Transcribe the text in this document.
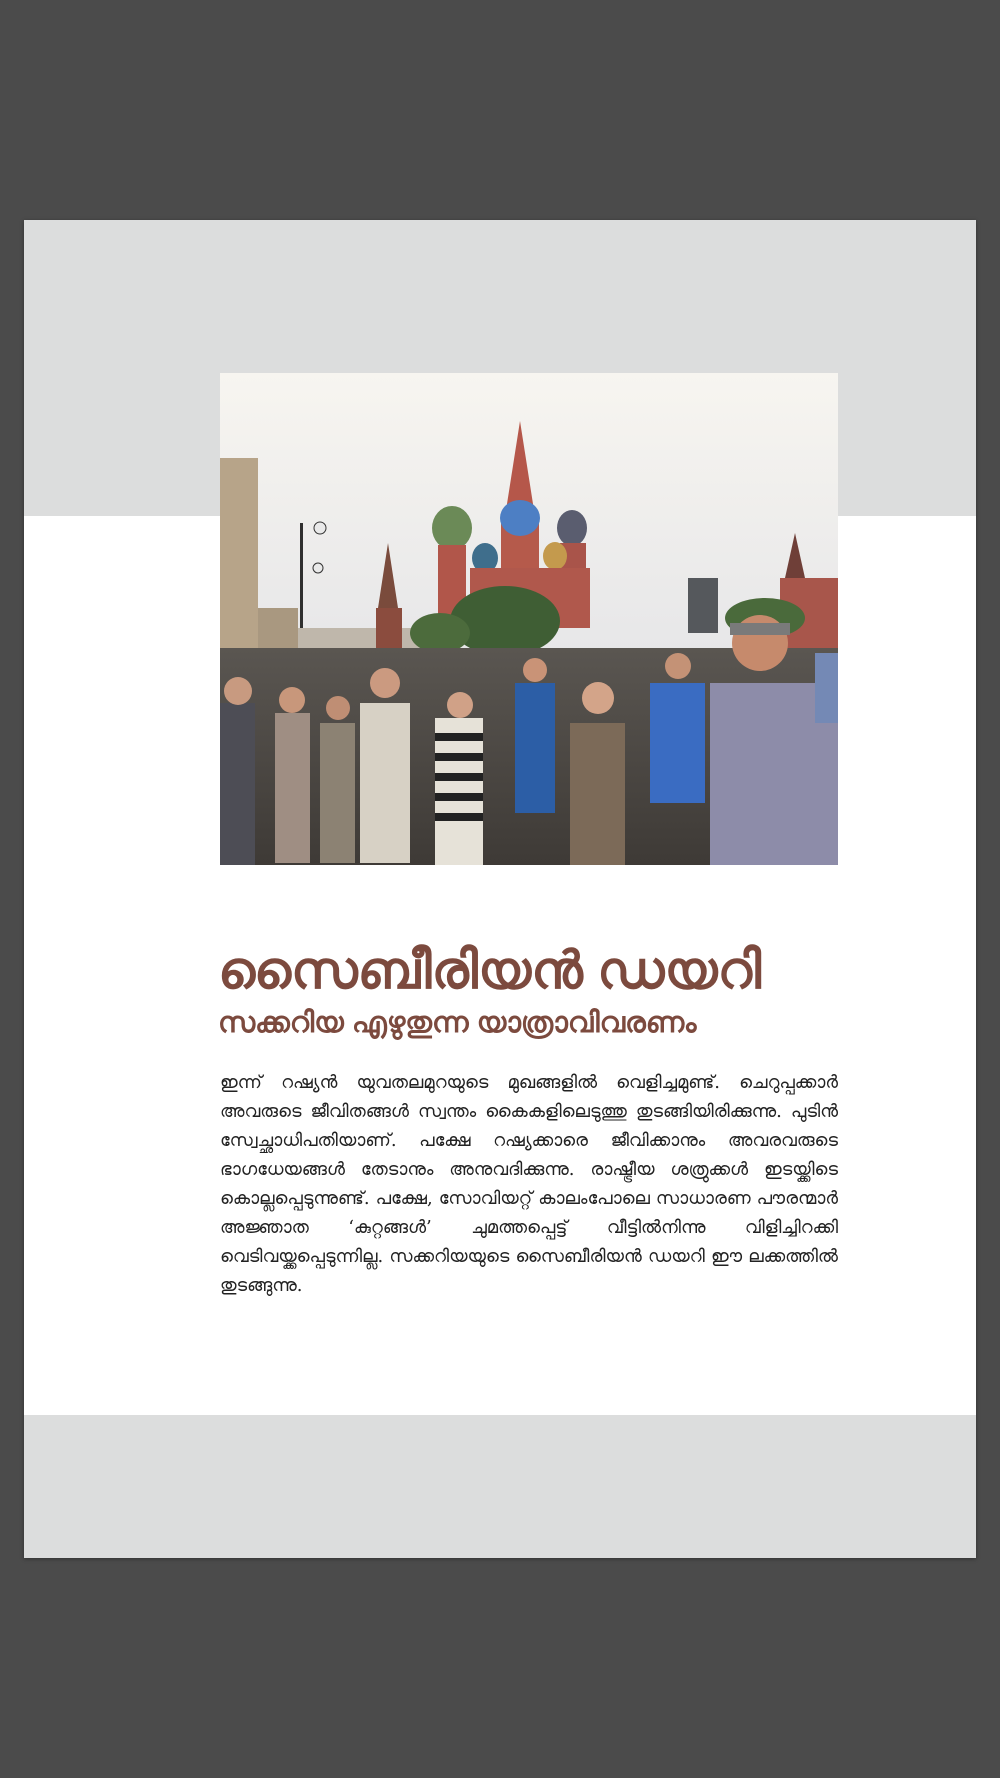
സൈബീരിയൻ ഡയറി
സക്കറിയ എഴുതുന്ന യാത്രാവിവരണം

ഇന്ന് റഷ്യൻ യുവതലമുറയുടെ മുഖങ്ങളിൽ വെളിച്ചമുണ്ട്. ചെറുപ്പക്കാർ അവരുടെ ജീവിതങ്ങൾ സ്വന്തം കൈകളിലെടുത്തു തുടങ്ങിയിരിക്കുന്നു. പുടിൻ സ്വേച്ഛാധിപതിയാണ്. പക്ഷേ റഷ്യക്കാരെ ജീവിക്കാനും അവരവരുടെ ഭാഗധേയങ്ങൾ തേടാനും അനുവദിക്കുന്നു. രാഷ്ട്രീയ ശത്രുക്കൾ ഇടയ്ക്കിടെ കൊല്ലപ്പെടുന്നുണ്ട്. പക്ഷേ, സോവിയറ്റ് കാലംപോലെ സാധാരണ പൗരന്മാർ അജ്ഞാത ‘കുറ്റങ്ങൾ’ ചുമത്തപ്പെട്ട് വീട്ടിൽനിന്നു വിളിച്ചിറക്കി വെടിവയ്ക്കപ്പെടുന്നില്ല. സക്കറിയയുടെ സൈബീരിയൻ ഡയറി ഈ ലക്കത്തിൽ തുടങ്ങുന്നു.
